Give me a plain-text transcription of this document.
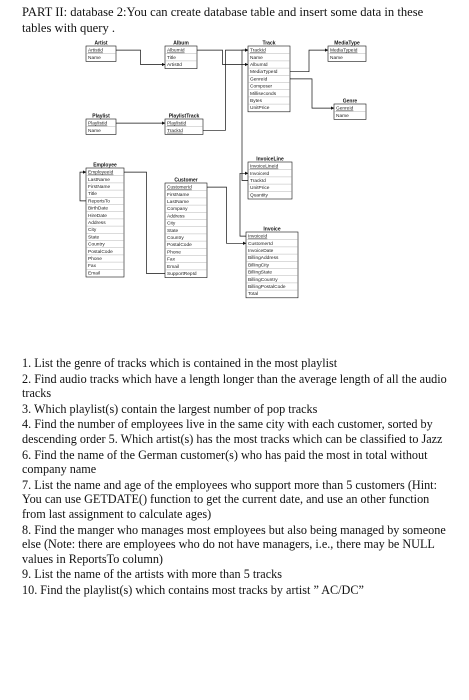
PART II: database 2:You can create database table and insert some data in these tables with query .
Artist
ArtistId
Name
Album
AlbumId
Title
ArtistId
Track
TrackId
Name
AlbumId
MediaTypeId
GenreId
Composer
Milliseconds
Bytes
UnitPrice
MediaType
MediaTypeId
Name
Genre
GenreId
Name
Playlist
PlaylistId
Name
PlaylistTrack
PlaylistId
TrackId
InvoiceLine
InvoiceLineId
InvoiceId
TrackId
UnitPrice
Quantity
Employee
EmployeeId
LastName
FirstName
Title
ReportsTo
BirthDate
HireDate
Address
City
State
Country
PostalCode
Phone
Fax
Email
Customer
CustomerId
FirstName
LastName
Company
Address
City
State
Country
PostalCode
Phone
Fax
Email
SupportRepId
Invoice
InvoiceId
CustomerId
InvoiceDate
BillingAddress
BillingCity
BillingState
BillingCountry
BillingPostalCode
Total
1. List the genre of tracks which is contained in the most playlist
2. Find audio tracks which have a length longer than the average length of all the audio tracks
3. Which playlist(s) contain the largest number of pop tracks
4. Find the number of employees live in the same city with each customer, sorted by descending order 5. Which artist(s) has the most tracks which can be classified to Jazz
6. Find the name of the German customer(s) who has paid the most in total without company name
7. List the name and age of the employees who support more than 5 customers (Hint: You can use GETDATE() function to get the current date, and use an other function from last assignment to calculate ages)
8. Find the manger who manages most employees but also being managed by someone else (Note: there are employees who do not have managers, i.e., there may be NULL values in ReportsTo column)
9. List the name of the artists with more than 5 tracks
10. Find the playlist(s) which contains most tracks by artist ” AC/DC”
